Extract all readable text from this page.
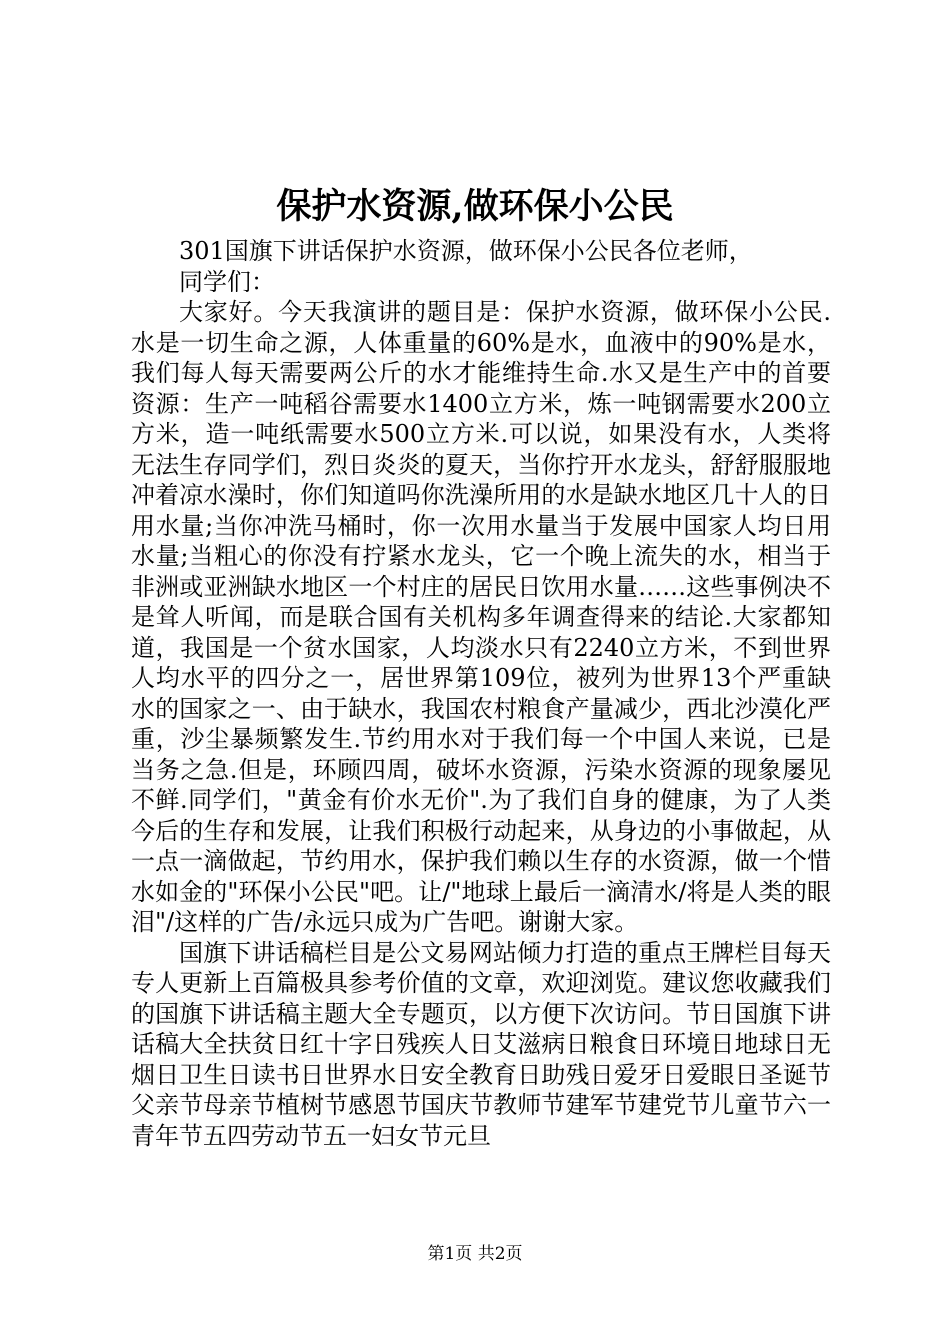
保护水资源,做环保小公民

301国旗下讲话保护水资源，做环保小公民各位老师，

同学们：

大家好。今天我演讲的题目是：保护水资源，做环保小公民.水是一切生命之源，人体重量的60%是水，血液中的90%是水，我们每人每天需要两公斤的水才能维持生命.水又是生产中的首要资源：生产一吨稻谷需要水1400立方米，炼一吨钢需要水200立方米，造一吨纸需要水500立方米.可以说，如果没有水，人类将无法生存同学们，烈日炎炎的夏天，当你拧开水龙头，舒舒服服地冲着凉水澡时，你们知道吗你洗澡所用的水是缺水地区几十人的日用水量;当你冲洗马桶时，你一次用水量当于发展中国家人均日用水量;当粗心的你没有拧紧水龙头，它一个晚上流失的水，相当于非洲或亚洲缺水地区一个村庄的居民日饮用水量……这些事例决不是耸人听闻，而是联合国有关机构多年调查得来的结论.大家都知道，我国是一个贫水国家，人均淡水只有2240立方米，不到世界人均水平的四分之一，居世界第109位，被列为世界13个严重缺水的国家之一、由于缺水，我国农村粮食产量减少，西北沙漠化严重，沙尘暴频繁发生.节约用水对于我们每一个中国人来说，已是当务之急.但是，环顾四周，破坏水资源，污染水资源的现象屡见不鲜.同学们，"黄金有价水无价".为了我们自身的健康，为了人类今后的生存和发展，让我们积极行动起来，从身边的小事做起，从一点一滴做起，节约用水，保护我们赖以生存的水资源，做一个惜水如金的"环保小公民"吧。让/"地球上最后一滴清水/将是人类的眼泪"/这样的广告/永远只成为广告吧。谢谢大家。

国旗下讲话稿栏目是公文易网站倾力打造的重点王牌栏目每天专人更新上百篇极具参考价值的文章，欢迎浏览。建议您收藏我们的国旗下讲话稿主题大全专题页，以方便下次访问。节日国旗下讲话稿大全扶贫日红十字日残疾人日艾滋病日粮食日环境日地球日无烟日卫生日读书日世界水日安全教育日助残日爱牙日爱眼日圣诞节父亲节母亲节植树节感恩节国庆节教师节建军节建党节儿童节六一青年节五四劳动节五一妇女节元旦

第1页 共2页
